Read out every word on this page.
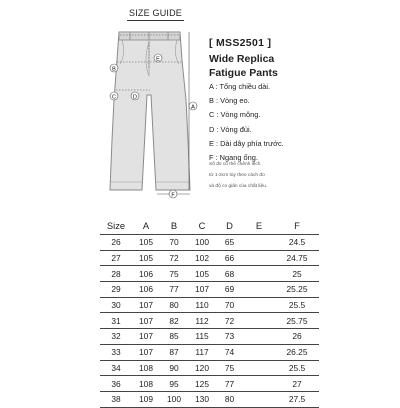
SIZE GUIDE
A
B
C	D
E
F
[ MSS2501 ]
Wide Replica
Fatigue Pants
A : Tổng chiều dài.
B : Vòng eo.
C : Vòng mông.
D : Vòng đùi.
E : Dài dây phía trước.
F : Ngang ống.
Số đo có thể chênh lệch
từ 1-2cm tùy theo cách đo
và độ co giãn của chất liệu.
Size	A	B	C	D	E	F
26	105	70	100	65		24.5
27	105	72	102	66		24.75
28	106	75	105	68		25
29	106	77	107	69		25.25
30	107	80	110	70		25.5
31	107	82	112	72		25.75
32	107	85	115	73		26
33	107	87	117	74		26.25
34	108	90	120	75		25.5
36	108	95	125	77		27
38	109	100	130	80		27.5
